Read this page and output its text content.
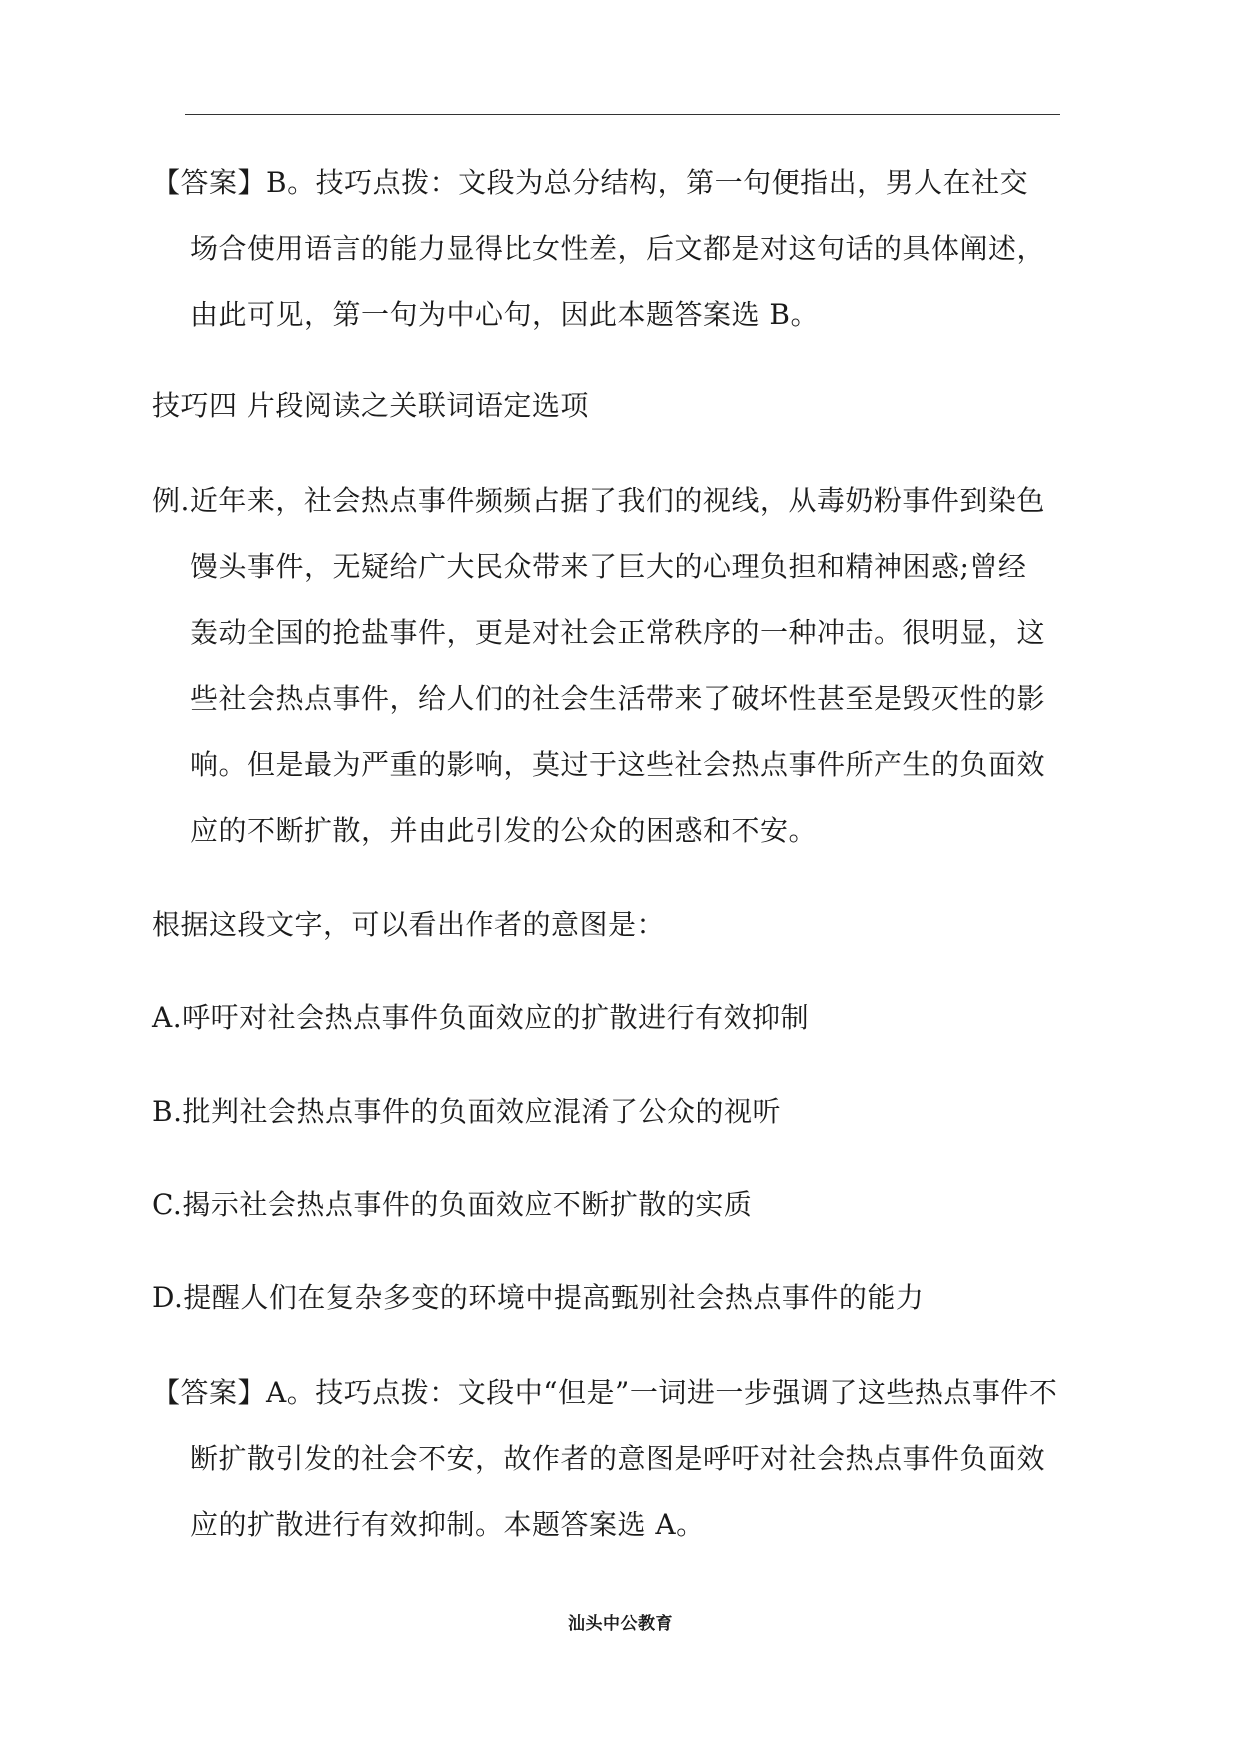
【答案】B。技巧点拨：文段为总分结构，第一句便指出，男人在社交
场合使用语言的能力显得比女性差，后文都是对这句话的具体阐述，
由此可见，第一句为中心句，因此本题答案选 B。
技巧四 片段阅读之关联词语定选项
例.近年来，社会热点事件频频占据了我们的视线，从毒奶粉事件到染色
馒头事件，无疑给广大民众带来了巨大的心理负担和精神困惑;曾经
轰动全国的抢盐事件，更是对社会正常秩序的一种冲击。很明显，这
些社会热点事件，给人们的社会生活带来了破坏性甚至是毁灭性的影
响。但是最为严重的影响，莫过于这些社会热点事件所产生的负面效
应的不断扩散，并由此引发的公众的困惑和不安。
根据这段文字，可以看出作者的意图是：
A.呼吁对社会热点事件负面效应的扩散进行有效抑制
B.批判社会热点事件的负面效应混淆了公众的视听
C.揭示社会热点事件的负面效应不断扩散的实质
D.提醒人们在复杂多变的环境中提高甄别社会热点事件的能力
【答案】A。技巧点拨：文段中“但是”一词进一步强调了这些热点事件不
断扩散引发的社会不安，故作者的意图是呼吁对社会热点事件负面效
应的扩散进行有效抑制。本题答案选 A。
汕头中公教育
